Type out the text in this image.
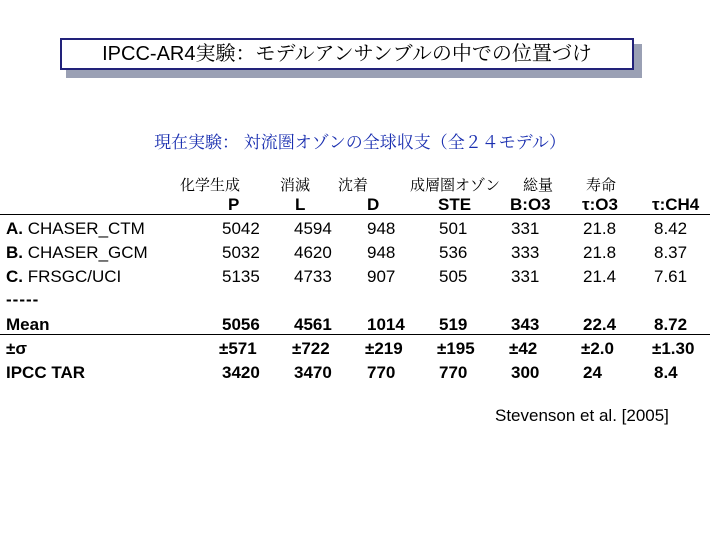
IPCC-AR4実験：モデルアンサンブルの中での位置づけ
現在実験： 対流圏オゾンの全球収支（全２４モデル）
化学生成	消滅 沈着	成層圏オゾン 総量 寿命
P	L	D	STE B:O3 τ:O3 τ:CH4
A. CHASER_CTM	5042 4594 948	501	331	21.8 8.42
B. CHASER_GCM	5032 4620 948	536	333	21.8 8.37
C. FRSGC/UCI	5135 4733 907	505	331	21.4 7.61
-----
Mean	5056 4561 1014 519	343	22.4 8.72
±σ	±571 ±722 ±219 ±195 ±42	±2.0 ±1.30
IPCC TAR	3420 3470 770	770	300	24	8.4
Stevenson et al. [2005]
